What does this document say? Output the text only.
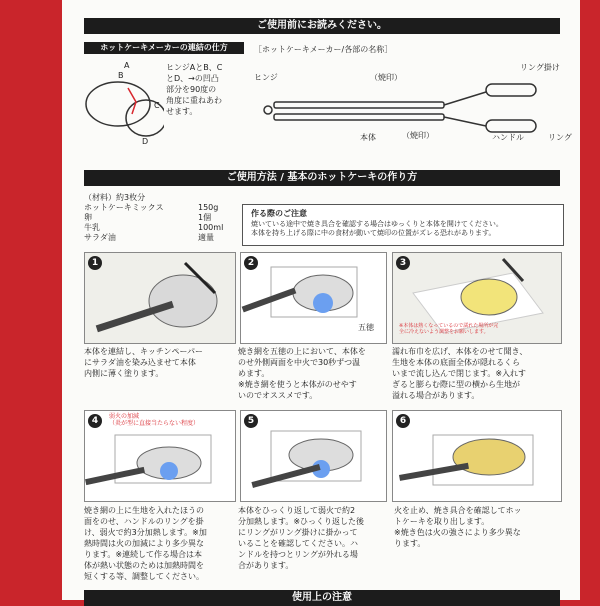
ご使用前にお読みください。
ホットケーキメーカーの連結の仕方
A
B
C
D
ヒンジAとB、C
とD、→の凹凸
部分を90度の
角度に重ねあわ
せます。
［ホットケーキメーカー/各部の名称］
ヒンジ	（焼印）
（焼印）
本体
リング掛け
ハンドル	リング
ご使用方法 / 基本のホットケーキの作り方
（材料）約3枚分
ホットケーキミックス	150g
卵	1個
牛乳	100ml
サラダ油	適量
作る際のご注意
焼いている途中で焼き具合を確認する場合はゆっくりと本体を開けてください。
本体を持ち上げる際に中の食材が動いて焼印の位置がズレる恐れがあります。
1
本体を連結し、キッチンペーパー
にサラダ油を染み込ませて本体
内側に薄く塗ります。
2
五徳
焼き網を五徳の上において、本体を
のせ外側両面を中火で30秒ずつ温
めます。
※焼き網を使うと本体がのせやす
いのでオススメです。
※本体は熱くなっているので濡れた場所が完
全に冷えないよう調整をお願いします。
3
濡れ布巾を広げ、本体をのせて聞き、
生地を本体の底面全体が隠れるくら
いまで流し込んで閉じます。※入れす
ぎると膨らむ際に型の横から生地が
溢れる場合があります。
弱火の加減
（炎が型に直接当たらない程度）
4
焼き網の上に生地を入れたほうの
面をのせ、ハンドルのリングを掛
け、弱火で約3分加熱します。※加
熱時間は火の加減により多少異な
ります。※連続して作る場合は本
体が熱い状態のためは加熱時間を
短くする等、調整してください。
5
本体をひっくり返して弱火で約2
分加熱します。※ひっくり返した後
にリングがリング掛けに掛かって
いることを確認してください。ハ
ンドルを持つとリングが外れる場
合があります。
6
火を止め、焼き具合を確認してホッ
トケーキを取り出します。
※焼き色は火の強さにより多少異な
ります。
使用上の注意
